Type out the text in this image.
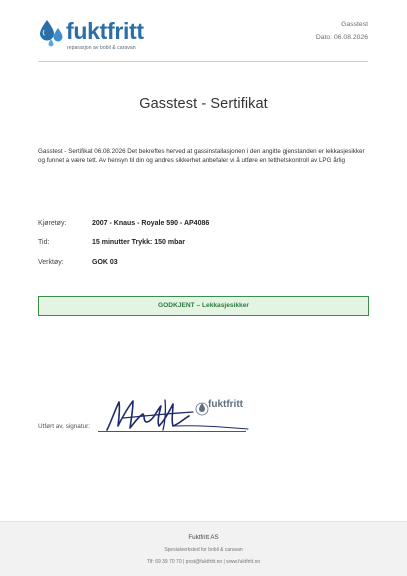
fuktfritt
reparasjon av bobil & caravan
Gasstest
Dato: 06.08.2026
Gasstest - Sertifikat
Gasstest - Sertifikat 06.08.2026 Det bekreftes herved at gassinstallasjonen i den angitte gjenstanden er lekkasjesikker og funnet a være tett. Av hensyn til din og andres sikkerhet anbefaler vi å utføre en tetthetskontroll av LPG årlig
Kjøretøy:	2007 - Knaus - Royale 590 - AP4086
Tid:	15 minutter Trykk: 150 mbar
Verktøy:	GOK 03
GODKJENT – Lekkasjesikker
Utført av, signatur:
fuktfritt
Fuktfritt AS
Spesialverksted for bobil & caravan
Tlf: 69 39 70 70 | post@fuktfritt.no | www.fuktfritt.no
